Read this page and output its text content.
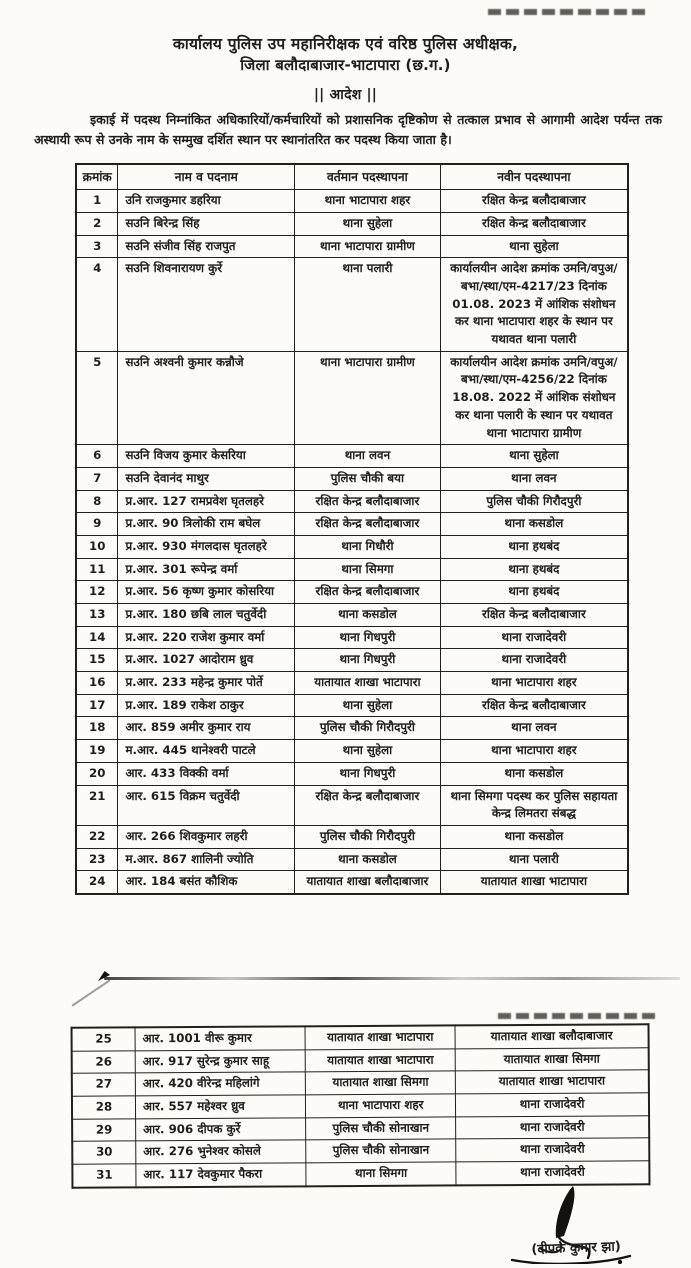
कार्यालय पुलिस उप महानिरीक्षक एवं वरिष्ठ पुलिस अधीक्षक,
जिला बलौदाबाजार-भाटापारा (छ.ग.)
|| आदेश ||
इकाई में पदस्थ निम्नांकित अधिकारियों/कर्मचारियों को प्रशासनिक दृष्टिकोण से तत्काल प्रभाव से आगामी आदेश पर्यन्त तक अस्थायी रूप से उनके नाम के सम्मुख दर्शित स्थान पर स्थानांतरित कर पदस्थ किया जाता है।
क्रमांक	नाम व पदनाम	वर्तमान पदस्थापना	नवीन पदस्थापना
1	उनि राजकुमार डहरिया	थाना भाटापारा शहर	रक्षित केन्द्र बलौदाबाजार
2	सउनि बिरेन्द्र सिंह	थाना सुहेला	रक्षित केन्द्र बलौदाबाजार
3	सउनि संजीव सिंह राजपुत	थाना भाटापारा ग्रामीण	थाना सुहेला
4	सउनि शिवनारायण कुर्रे	थाना पलारी	कार्यालयीन आदेश क्रमांक उमनि/वपुअ/ बभा/स्था/एम-4217/23 दिनांक 01.08. 2023 में आंशिक संशोधन कर थाना भाटापारा शहर के स्थान पर यथावत थाना पलारी
5	सउनि अश्वनी कुमार कन्नौजे	थाना भाटापारा ग्रामीण	कार्यालयीन आदेश क्रमांक उमनि/वपुअ/ बभा/स्था/एम-4256/22 दिनांक 18.08. 2022 में आंशिक संशोधन कर थाना पलारी के स्थान पर यथावत थाना भाटापारा ग्रामीण
6	सउनि विजय कुमार केसरिया	थाना लवन	थाना सुहेला
7	सउनि देवानंद माथुर	पुलिस चौकी बया	थाना लवन
8	प्र.आर. 127 रामप्रवेश घृतलहरे	रक्षित केन्द्र बलौदाबाजार	पुलिस चौकी गिरौदपुरी
9	प्र.आर. 90 त्रिलोकी राम बघेल	रक्षित केन्द्र बलौदाबाजार	थाना कसडोल
10	प्र.आर. 930 मंगलदास घृतलहरे	थाना गिधौरी	थाना हथबंद
11	प्र.आर. 301 रूपेन्द्र वर्मा	थाना सिमगा	थाना हथबंद
12	प्र.आर. 56 कृष्ण कुमार कोसरिया	रक्षित केन्द्र बलौदाबाजार	थाना हथबंद
13	प्र.आर. 180 छबि लाल चतुर्वेदी	थाना कसडोल	रक्षित केन्द्र बलौदाबाजार
14	प्र.आर. 220 राजेश कुमार वर्मा	थाना गिधपुरी	थाना राजादेवरी
15	प्र.आर. 1027 आदोराम ध्रुव	थाना गिधपुरी	थाना राजादेवरी
16	प्र.आर. 233 महेन्द्र कुमार पोर्ते	यातायात शाखा भाटापारा	थाना भाटापारा शहर
17	प्र.आर. 189 राकेश ठाकुर	थाना सुहेला	रक्षित केन्द्र बलौदाबाजार
18	आर. 859 अमीर कुमार राय	पुलिस चौकी गिरौदपुरी	थाना लवन
19	म.आर. 445 थानेश्वरी पाटले	थाना सुहेला	थाना भाटापारा शहर
20	आर. 433 विक्की वर्मा	थाना गिधपुरी	थाना कसडोल
21	आर. 615 विक्रम चतुर्वेदी	रक्षित केन्द्र बलौदाबाजार	थाना सिमगा पदस्थ कर पुलिस सहायता केन्द्र लिमतरा संबद्ध
22	आर. 266 शिवकुमार लहरी	पुलिस चौकी गिरौदपुरी	थाना कसडोल
23	म.आर. 867 शालिनी ज्योति	थाना कसडोल	थाना पलारी
24	आर. 184 बसंत कौशिक	यातायात शाखा बलौदाबाजार	यातायात शाखा भाटापारा
25	आर. 1001 वीरू कुमार	यातायात शाखा भाटापारा	यातायात शाखा बलौदाबाजार
26	आर. 917 सुरेन्द्र कुमार साहू	यातायात शाखा भाटापारा	यातायात शाखा सिमगा
27	आर. 420 वीरेन्द्र महिलांगे	यातायात शाखा सिमगा	यातायात शाखा भाटापारा
28	आर. 557 महेश्वर ध्रुव	थाना भाटापारा शहर	थाना राजादेवरी
29	आर. 906 दीपक कुर्रे	पुलिस चौकी सोनाखान	थाना राजादेवरी
30	आर. 276 भुनेश्वर कोसले	पुलिस चौकी सोनाखान	थाना राजादेवरी
31	आर. 117 देवकुमार पैकरा	थाना सिमगा	थाना राजादेवरी
(दीपक कुमार झा)
